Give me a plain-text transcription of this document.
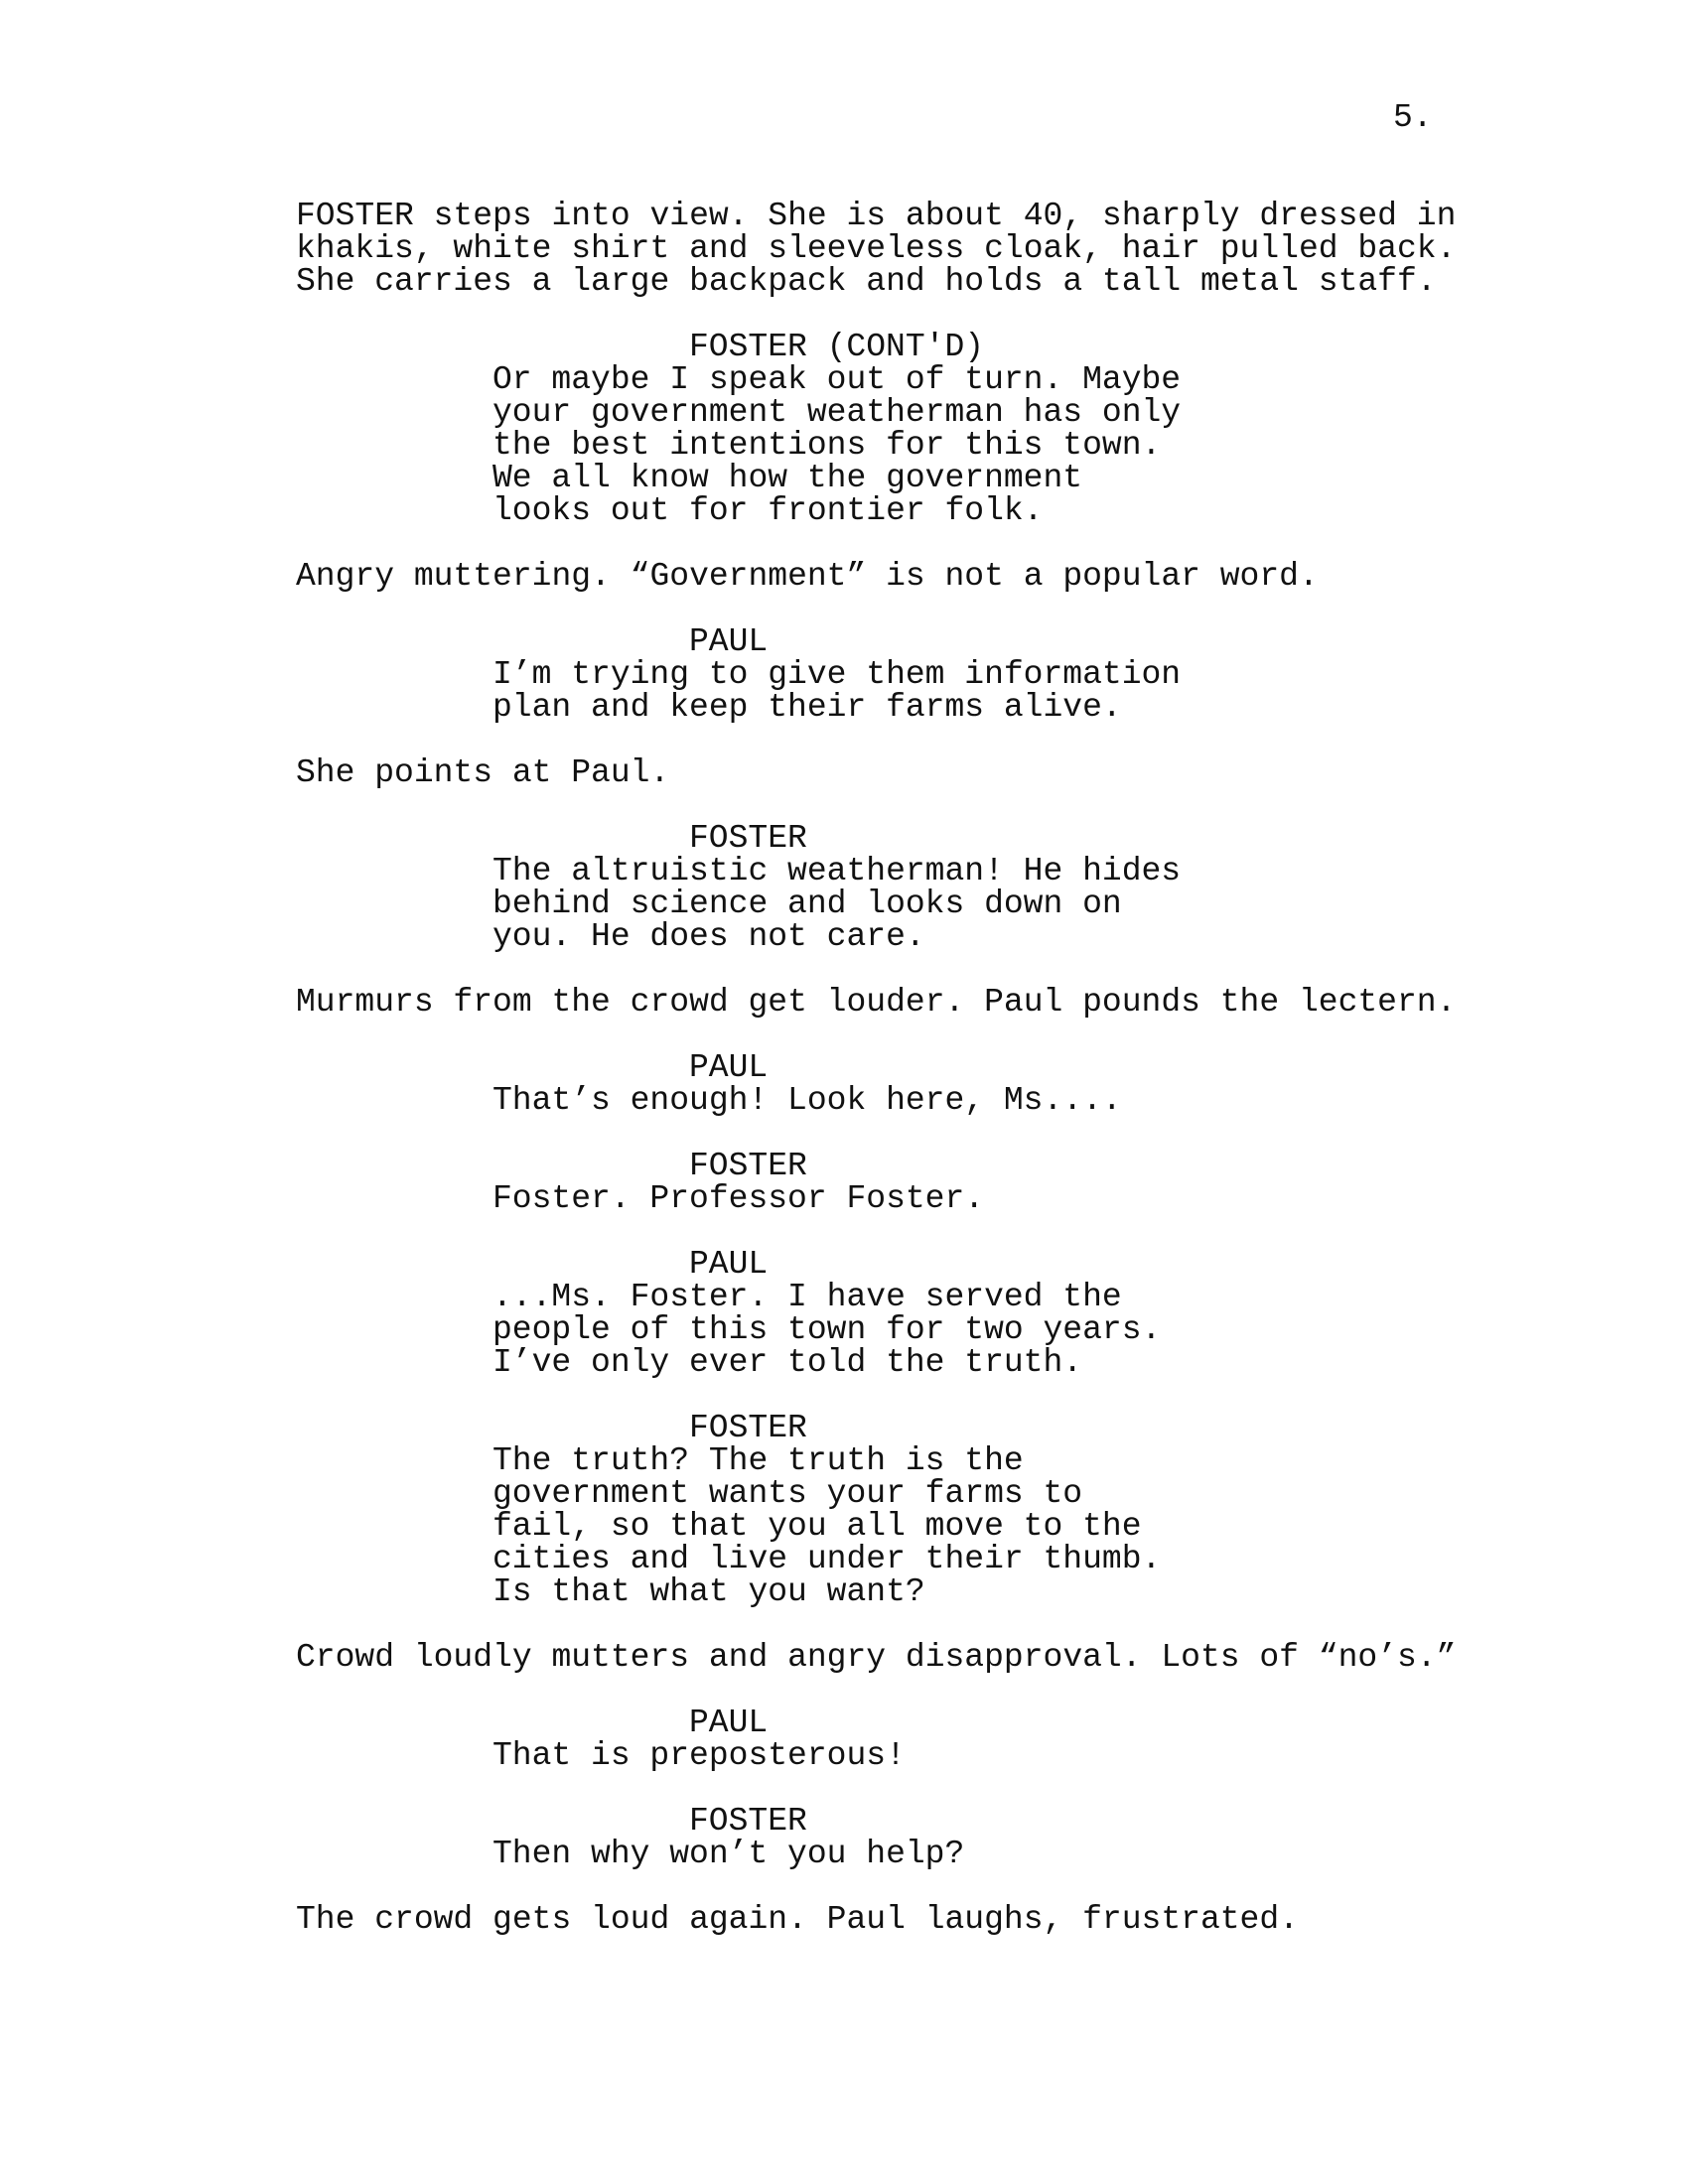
5.

FOSTER steps into view. She is about 40, sharply dressed in
khakis, white shirt and sleeveless cloak, hair pulled back.
She carries a large backpack and holds a tall metal staff.

FOSTER (CONT'D)
Or maybe I speak out of turn. Maybe
your government weatherman has only
the best intentions for this town.
We all know how the government
looks out for frontier folk.

Angry muttering. “Government” is not a popular word.

PAUL
I’m trying to give them information
plan and keep their farms alive.

She points at Paul.

FOSTER
The altruistic weatherman! He hides
behind science and looks down on
you. He does not care.

Murmurs from the crowd get louder. Paul pounds the lectern.

PAUL
That’s enough! Look here, Ms....
FOSTER
Foster. Professor Foster.
PAUL
...Ms. Foster. I have served the
people of this town for two years.
I’ve only ever told the truth.
FOSTER
The truth? The truth is the
government wants your farms to
fail, so that you all move to the
cities and live under their thumb.
Is that what you want?

Crowd loudly mutters and angry disapproval. Lots of “no’s.”

PAUL
That is preposterous!
FOSTER
Then why won’t you help?

The crowd gets loud again. Paul laughs, frustrated.
